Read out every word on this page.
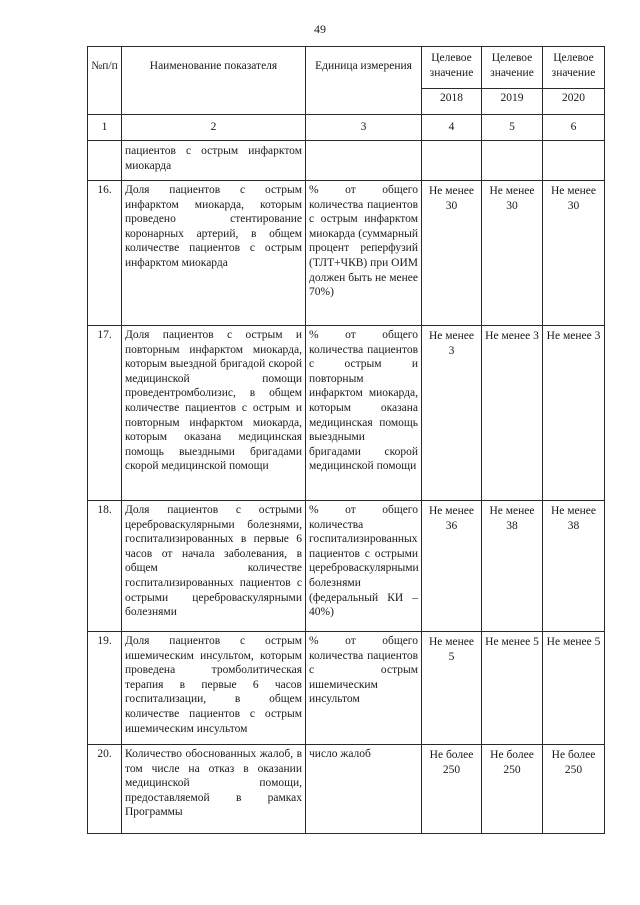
49
№п/п	Наименование показателя	Единица измерения	Целевое значение	Целевое значение	Целевое значение
			2018	2019	2020
1	2	3	4	5	6
	пациентов с острым инфарктом миокарда				
16.	Доля пациентов с острым инфарктом миокарда, которым проведено стентирование коронарных артерий, в общем количестве пациентов с острым инфарктом миокарда	% от общего количества пациентов с острым инфарктом миокарда (суммарный процент реперфузий (ТЛТ+ЧКВ) при ОИМ должен быть не менее 70%)	Не менее 30	Не менее 30	Не менее 30

17.	Доля пациентов с острым и повторным инфарктом миокарда, которым выездной бригадой скорой медицинской помощи проведентромболизис, в общем количестве пациентов с острым и повторным инфарктом миокарда, которым оказана медицинская помощь выездными бригадами скорой медицинской помощи	% от общего количества пациентов с острым и повторным инфарктом миокарда, которым оказана медицинская помощь выездными бригадами скорой медицинской помощи	Не менее 3	Не менее 3	Не менее 3

18.	Доля пациентов с острыми цереброваскулярными болезнями, госпитализированных в первые 6 часов от начала заболевания, в общем количестве госпитализированных пациентов с острыми цереброваскулярными болезнями	% от общего количества госпитализированных пациентов с острыми цереброваскулярными болезнями (федеральный КИ – 40%)	Не менее 36	Не менее 38	Не менее 38

19.	Доля пациентов с острым ишемическим инсультом, которым проведена тромболитическая терапия в первые 6 часов госпитализации, в общем количестве пациентов с острым ишемическим инсультом	% от общего количества пациентов с острым ишемическим инсультом	Не менее 5	Не менее 5	Не менее 5

20.	Количество обоснованных жалоб, в том числе на отказ в оказании медицинской помощи, предоставляемой в рамках Программы	число жалоб	Не более 250	Не более 250	Не более 250
